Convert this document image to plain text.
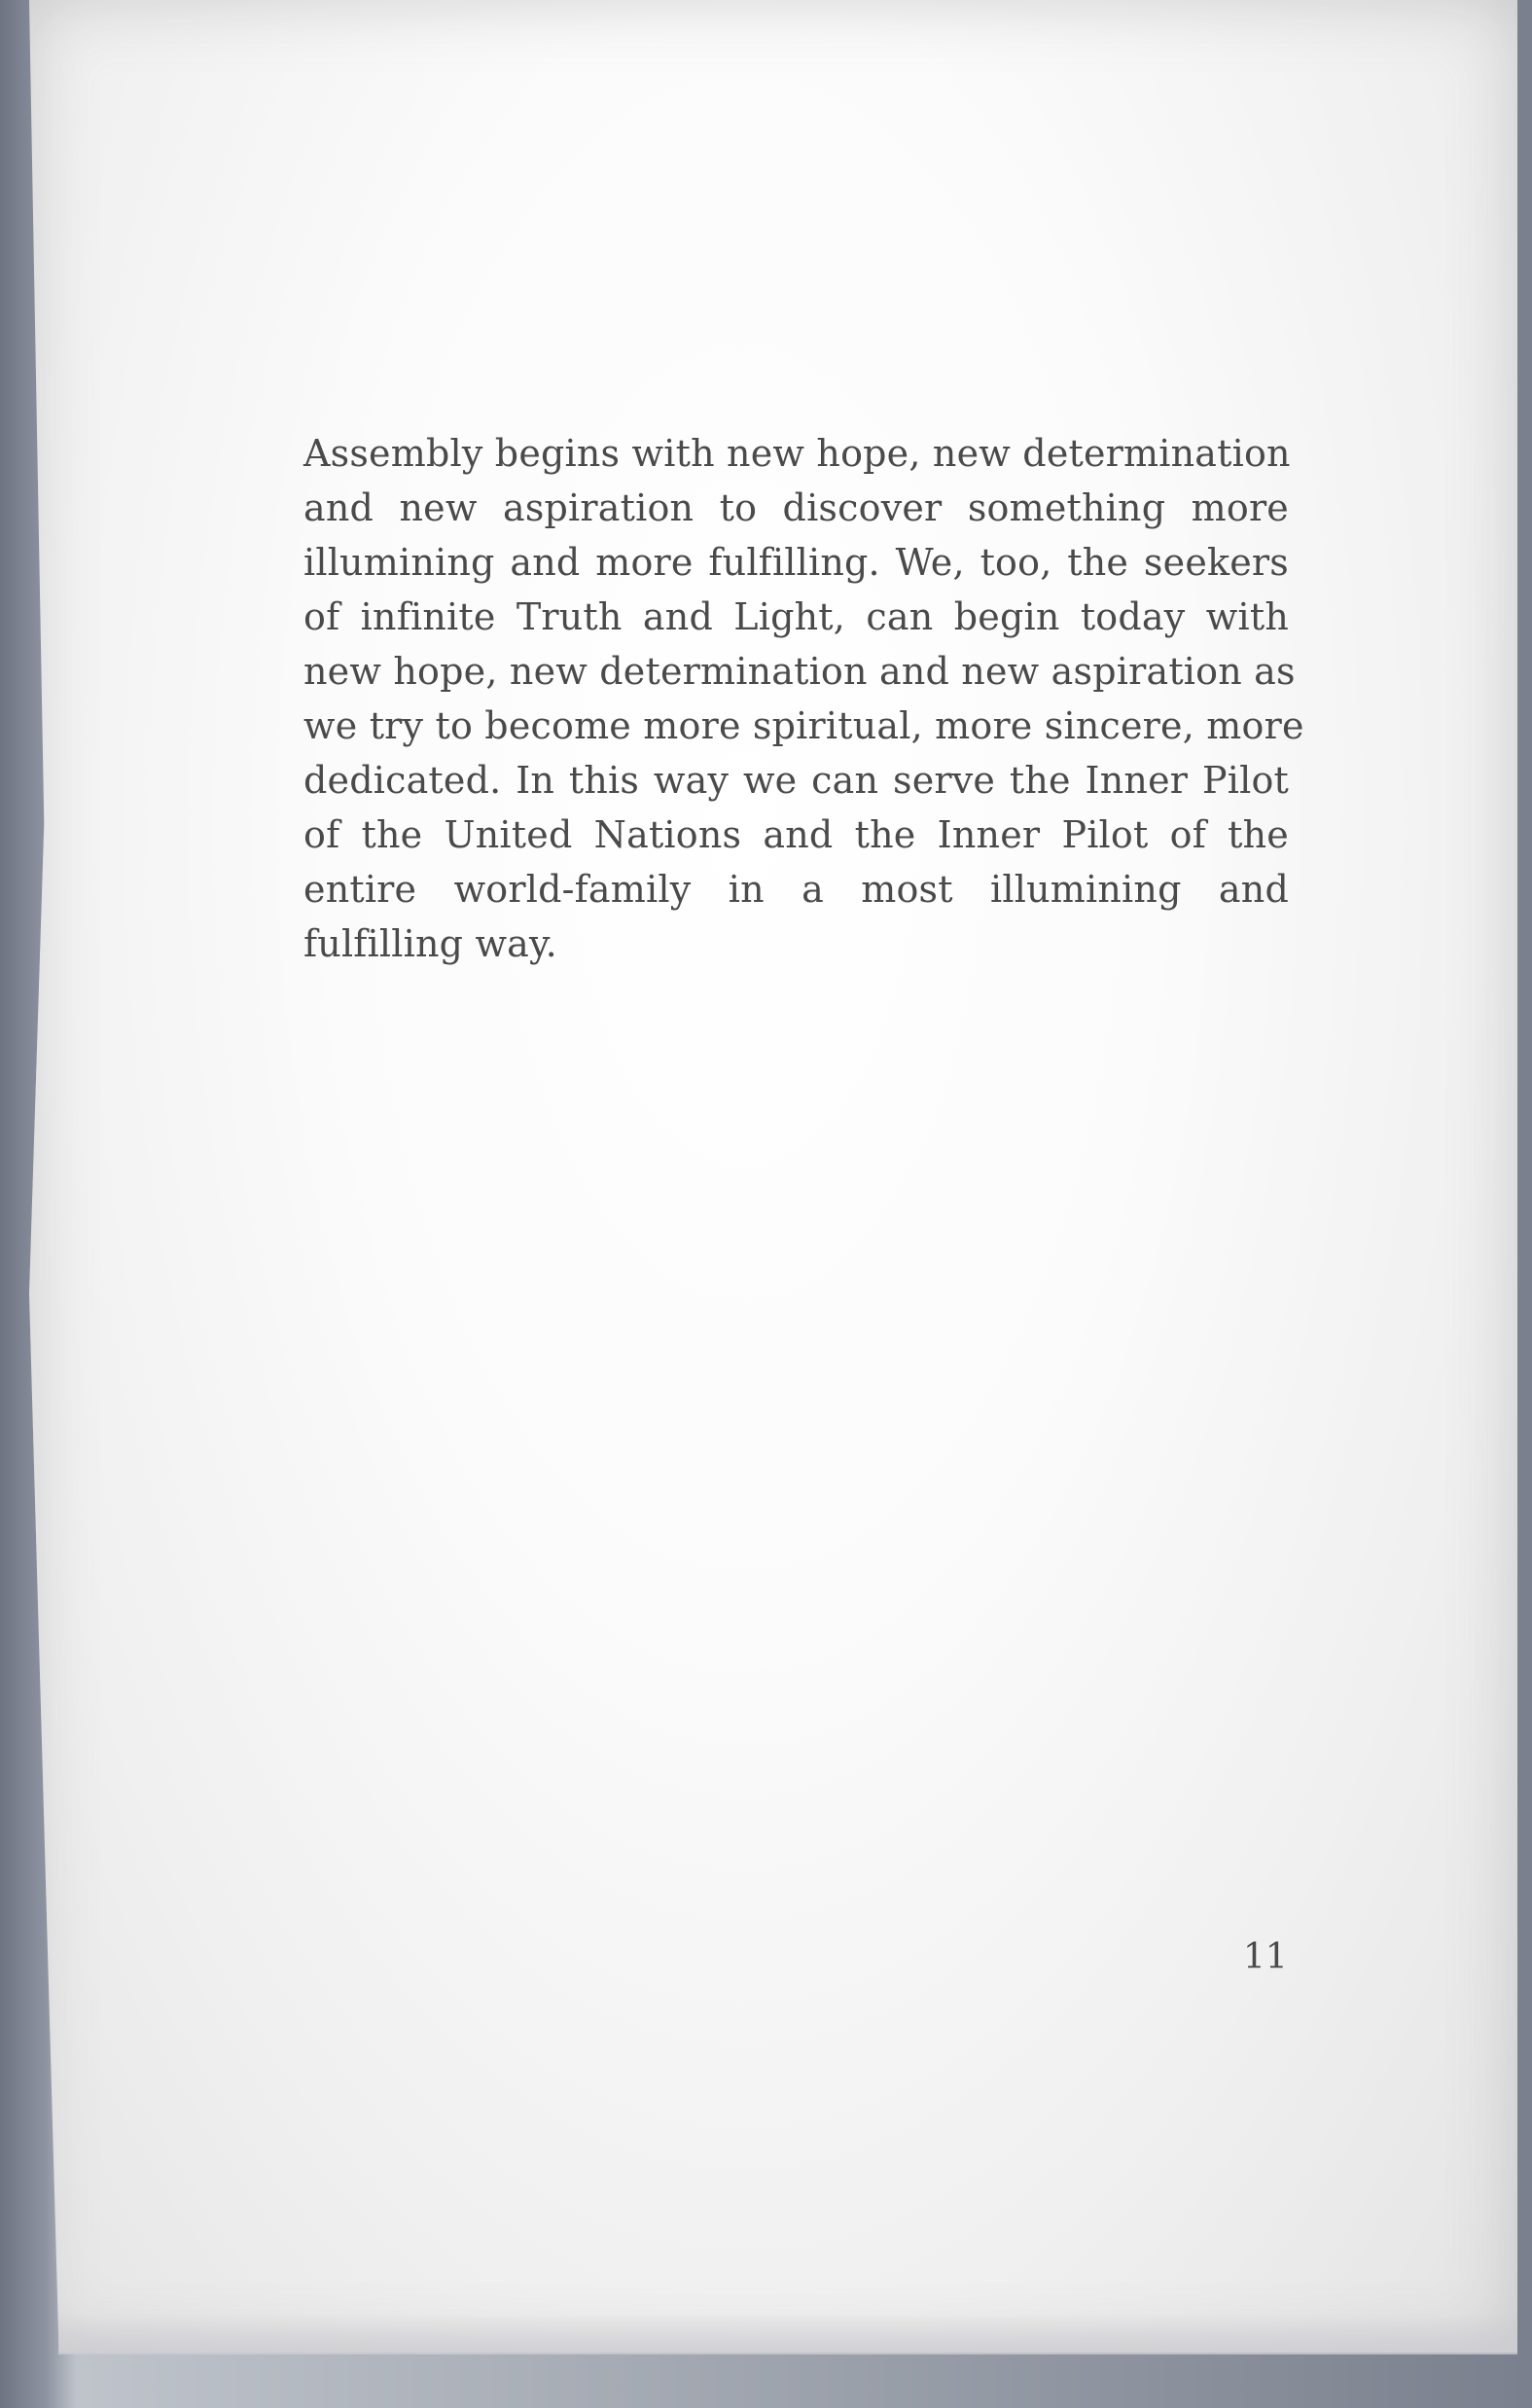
Assembly begins with new hope, new determination
and new aspiration to discover something more
illumining and more fulfilling. We, too, the seekers
of infinite Truth and Light, can begin today with
new hope, new determination and new aspiration as
we try to become more spiritual, more sincere, more
dedicated. In this way we can serve the Inner Pilot
of the United Nations and the Inner Pilot of the
entire world-family in a most illumining and
fulfilling way.

11
